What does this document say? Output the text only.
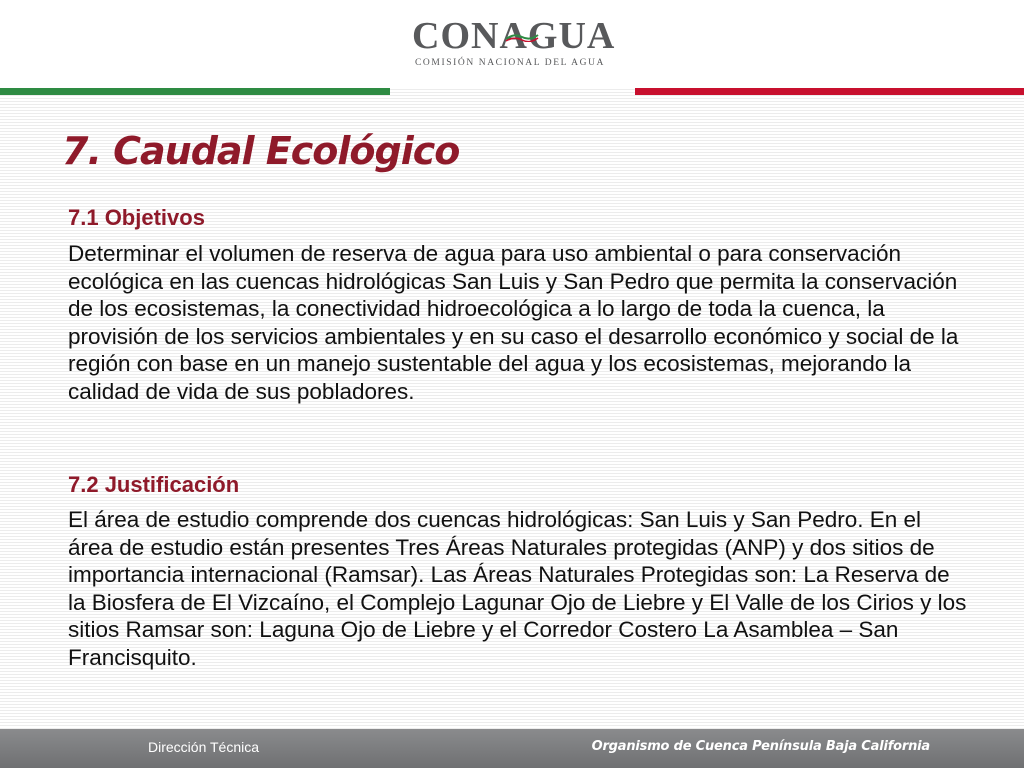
CONAGUA
COMISIÓN NACIONAL DEL AGUA
7. Caudal Ecológico
7.1 Objetivos

Determinar el volumen de reserva de agua para uso ambiental o para conservación ecológica en las cuencas hidrológicas San Luis y San Pedro que permita la conservación de los ecosistemas, la conectividad hidroecológica a lo largo de toda la cuenca, la provisión de los servicios ambientales y en su caso el desarrollo económico y social de la región con base en un manejo sustentable del agua y los ecosistemas, mejorando la calidad de vida de sus pobladores.

7.2 Justificación

El área de estudio comprende dos cuencas hidrológicas: San Luis y San Pedro. En el área de estudio están presentes Tres Áreas Naturales protegidas (ANP) y dos sitios de importancia internacional (Ramsar). Las Áreas Naturales Protegidas son: La Reserva de la Biosfera de El Vizcaíno, el Complejo Lagunar Ojo de Liebre y El Valle de los Cirios y los sitios Ramsar son: Laguna Ojo de Liebre y el Corredor Costero La Asamblea – San Francisquito.

Dirección Técnica	Organismo de Cuenca Península Baja California
